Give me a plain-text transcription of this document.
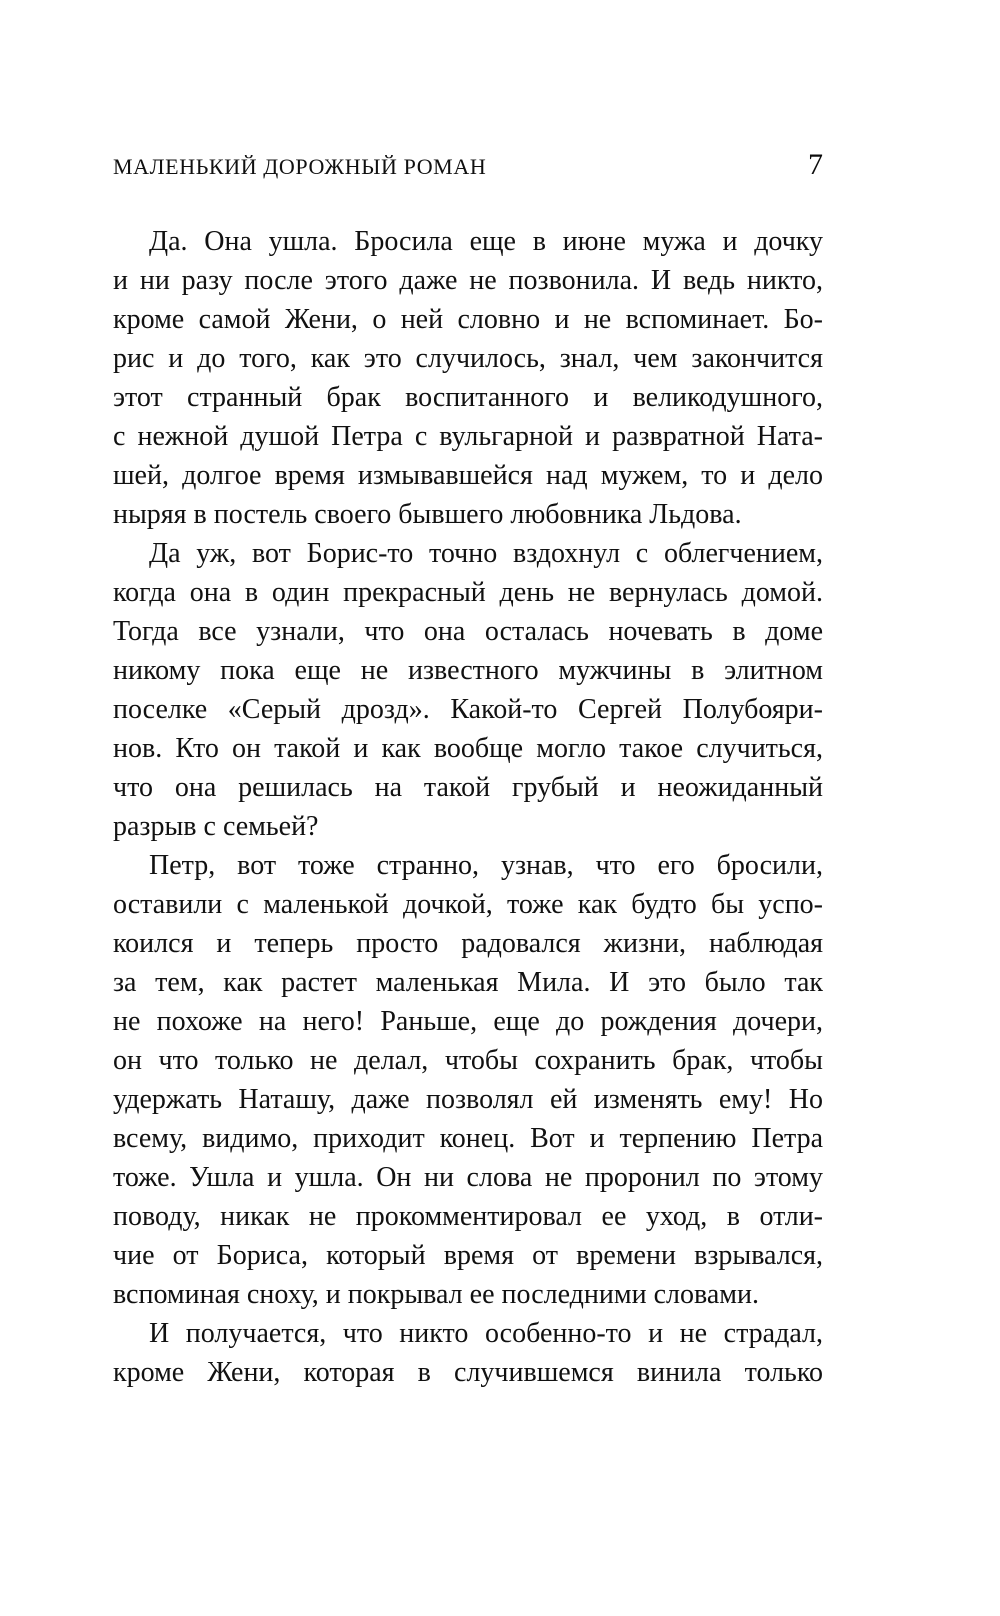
МАЛЕНЬКИЙ ДОРОЖНЫЙ РОМАН	7
Да. Она ушла. Бросила еще в июне мужа и дочку
и ни разу после этого даже не позвонила. И ведь никто,
кроме самой Жени, о ней словно и не вспоминает. Бо-
рис и до того, как это случилось, знал, чем закончится
этот странный брак воспитанного и великодушного,
с нежной душой Петра с вульгарной и развратной Ната-
шей, долгое время измывавшейся над мужем, то и дело
ныряя в постель своего бывшего любовника Льдова.
Да уж, вот Борис-то точно вздохнул с облегчением,
когда она в один прекрасный день не вернулась домой.
Тогда все узнали, что она осталась ночевать в доме
никому пока еще не известного мужчины в элитном
поселке «Серый дрозд». Какой-то Сергей Полубояри-
нов. Кто он такой и как вообще могло такое случиться,
что она решилась на такой грубый и неожиданный
разрыв с семьей?
Петр, вот тоже странно, узнав, что его бросили,
оставили с маленькой дочкой, тоже как будто бы успо-
коился и теперь просто радовался жизни, наблюдая
за тем, как растет маленькая Мила. И это было так
не похоже на него! Раньше, еще до рождения дочери,
он что только не делал, чтобы сохранить брак, чтобы
удержать Наташу, даже позволял ей изменять ему! Но
всему, видимо, приходит конец. Вот и терпению Петра
тоже. Ушла и ушла. Он ни слова не проронил по этому
поводу, никак не прокомментировал ее уход, в отли-
чие от Бориса, который время от времени взрывался,
вспоминая сноху, и покрывал ее последними словами.
И получается, что никто особенно-то и не страдал,
кроме Жени, которая в случившемся винила только
